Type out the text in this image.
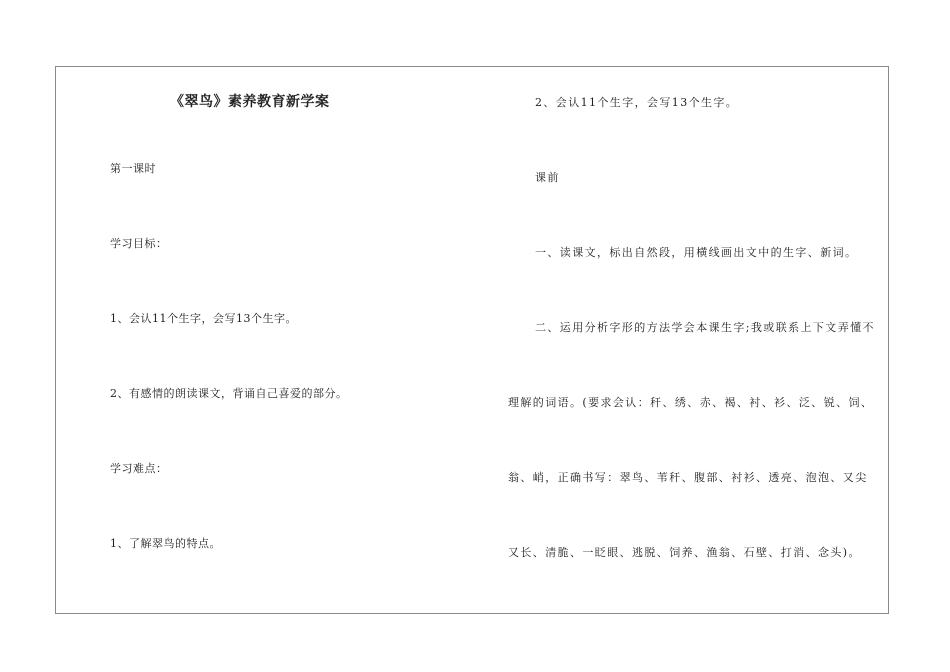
《翠鸟》素养教育新学案
第一课时
学习目标：
1、会认11个生字，会写13个生字。
2、有感情的朗读课文，背诵自己喜爱的部分。
学习难点：
1、了解翠鸟的特点。
2、会认11个生字，会写13个生字。
课前
一、读课文，标出自然段，用横线画出文中的生字、新词。
二、运用分析字形的方法学会本课生字;我或联系上下文弄懂不
理解的词语。(要求会认：秆、绣、赤、褐、衬、衫、泛、锐、饲、
翁、峭，正确书写：翠鸟、苇秆、腹部、衬衫、透亮、泡泡、又尖
又长、清脆、一眨眼、逃脱、饲养、渔翁、石壁、打消、念头)。
